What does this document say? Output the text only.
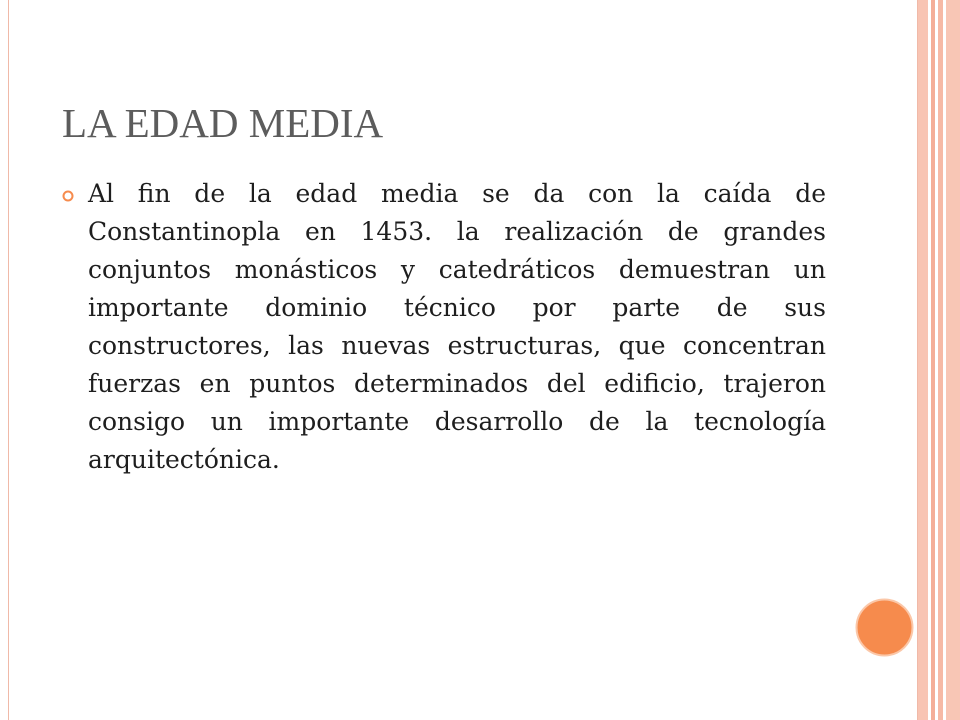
LA EDAD MEDIA

Al fin de la edad media se da con la caída de Constantinopla en 1453. la realización de grandes conjuntos monásticos y catedráticos demuestran un importante dominio técnico por parte de sus constructores, las nuevas estructuras, que concentran fuerzas en puntos determinados del edificio, trajeron consigo un importante desarrollo de la tecnología arquitectónica.
